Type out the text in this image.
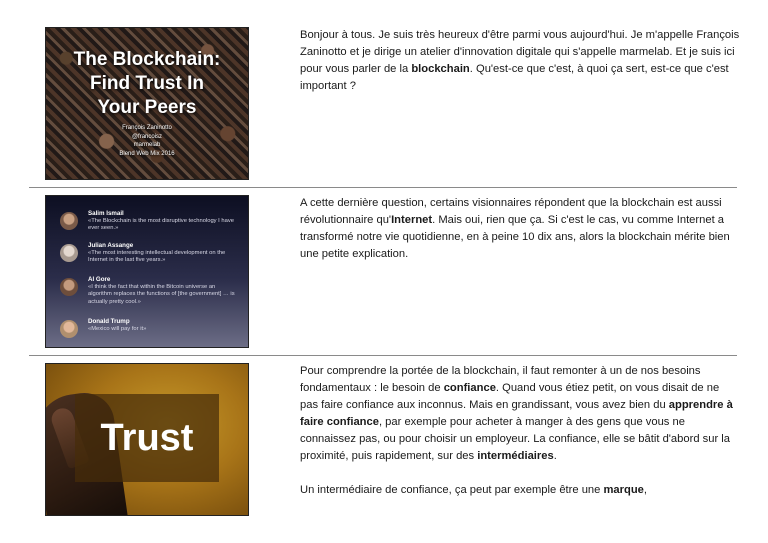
The Blockchain:
Find Trust In
Your Peers
François Zaninotto
@francoisz
marmelab
Blend Web Mix 2016

Bonjour à tous. Je suis très heureux d'être parmi vous aujourd'hui. Je m'appelle François Zaninotto et je dirige un atelier d'innovation digitale qui s'appelle marmelab. Et je suis ici pour vous parler de la blockchain. Qu'est-ce que c'est, à quoi ça sert, est-ce que c'est important ?

Salim Ismail
«The Blockchain is the most disruptive technology I have ever seen.»
Julian Assange
«The most interesting intellectual development on the Internet in the last five years.»
Al Gore
«I think the fact that within the Bitcoin universe an algorithm replaces the functions of [the government] … is actually pretty cool.»
Donald Trump
«Mexico will pay for it»

A cette dernière question, certains visionnaires répondent que la blockchain est aussi révolutionnaire qu'Internet. Mais oui, rien que ça. Si c'est le cas, vu comme Internet a transformé notre vie quotidienne, en à peine 10 dix ans, alors la blockchain mérite bien une petite explication.

Trust

Pour comprendre la portée de la blockchain, il faut remonter à un de nos besoins fondamentaux : le besoin de confiance. Quand vous étiez petit, on vous disait de ne pas faire confiance aux inconnus. Mais en grandissant, vous avez bien du apprendre à faire confiance, par exemple pour acheter à manger à des gens que vous ne connaissez pas, ou pour choisir un employeur. La confiance, elle se bâtit d'abord sur la proximité, puis rapidement, sur des intermédiaires.

Un intermédiaire de confiance, ça peut par exemple être une marque,
